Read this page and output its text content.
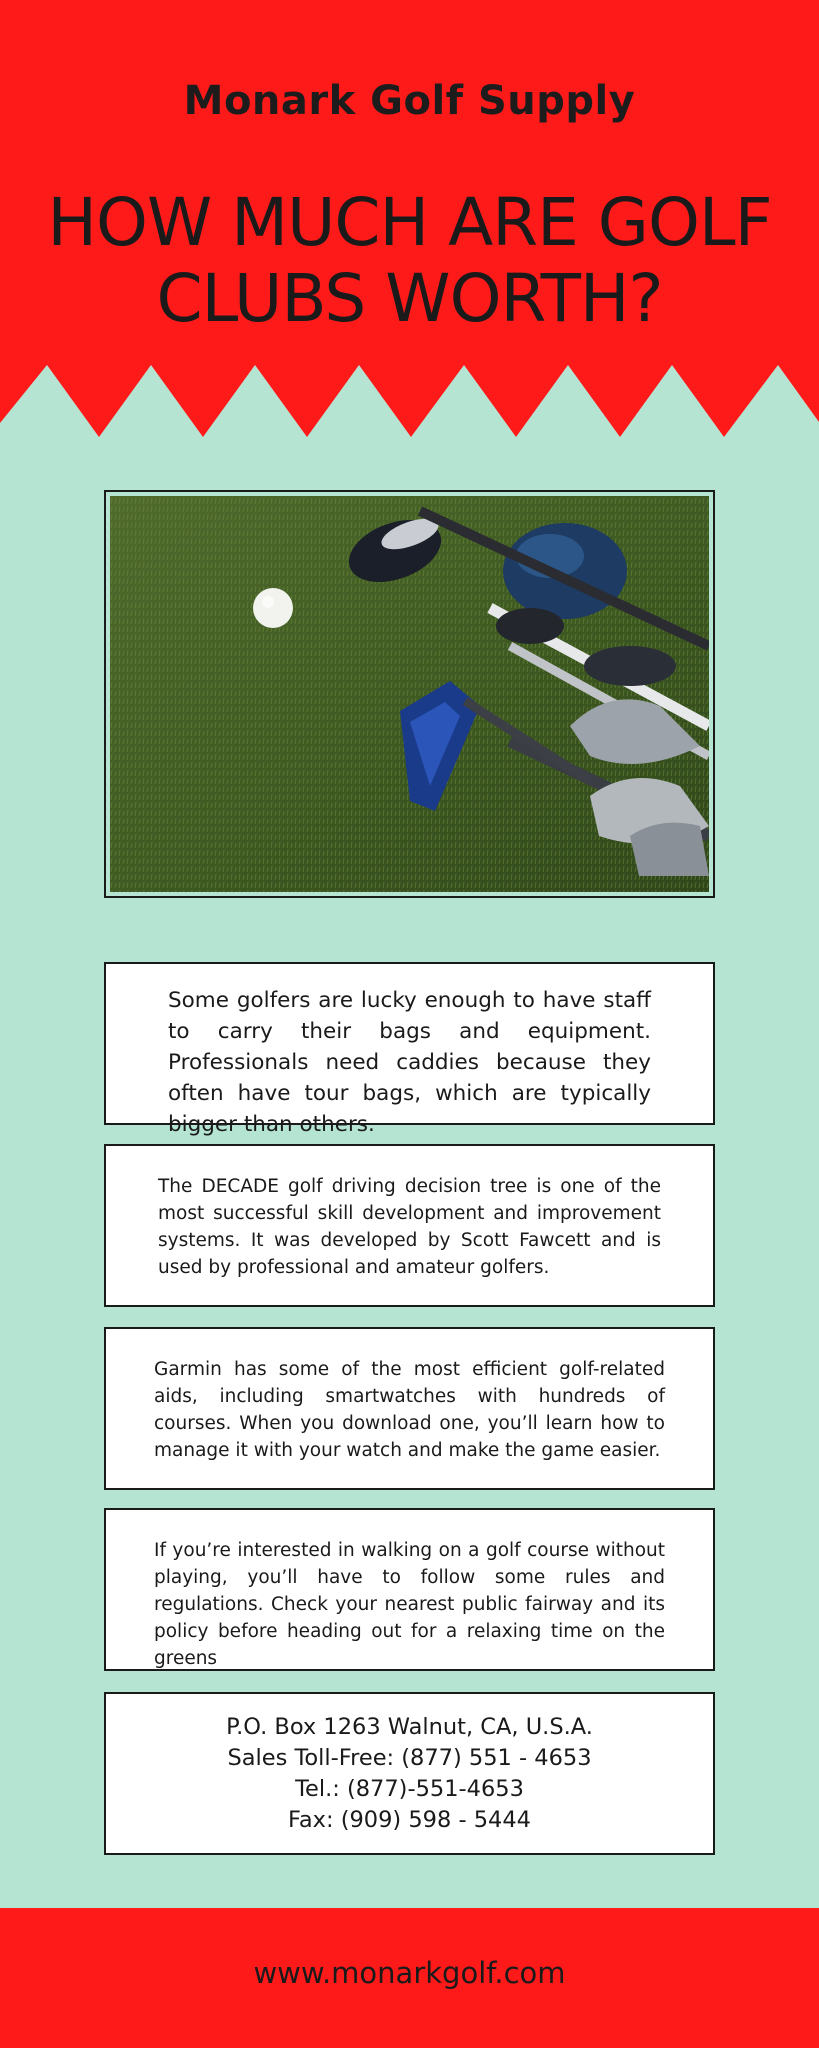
Monark Golf Supply
HOW MUCH ARE GOLF
CLUBS WORTH?

Some golfers are lucky enough to have staff to carry their bags and equipment. Professionals need caddies because they often have tour bags, which are typically bigger than others.

The DECADE golf driving decision tree is one of the most successful skill development and improvement systems. It was developed by Scott Fawcett and is used by professional and amateur golfers.

Garmin has some of the most efficient golf-related aids, including smartwatches with hundreds of courses. When you download one, you’ll learn how to manage it with your watch and make the game easier.

If you’re interested in walking on a golf course without playing, you’ll have to follow some rules and regulations. Check your nearest public fairway and its policy before heading out for a relaxing time on the greens

P.O. Box 1263 Walnut, CA, U.S.A.
Sales Toll-Free: (877) 551 - 4653
Tel.: (877)-551-4653
Fax: (909) 598 - 5444
www.monarkgolf.com
